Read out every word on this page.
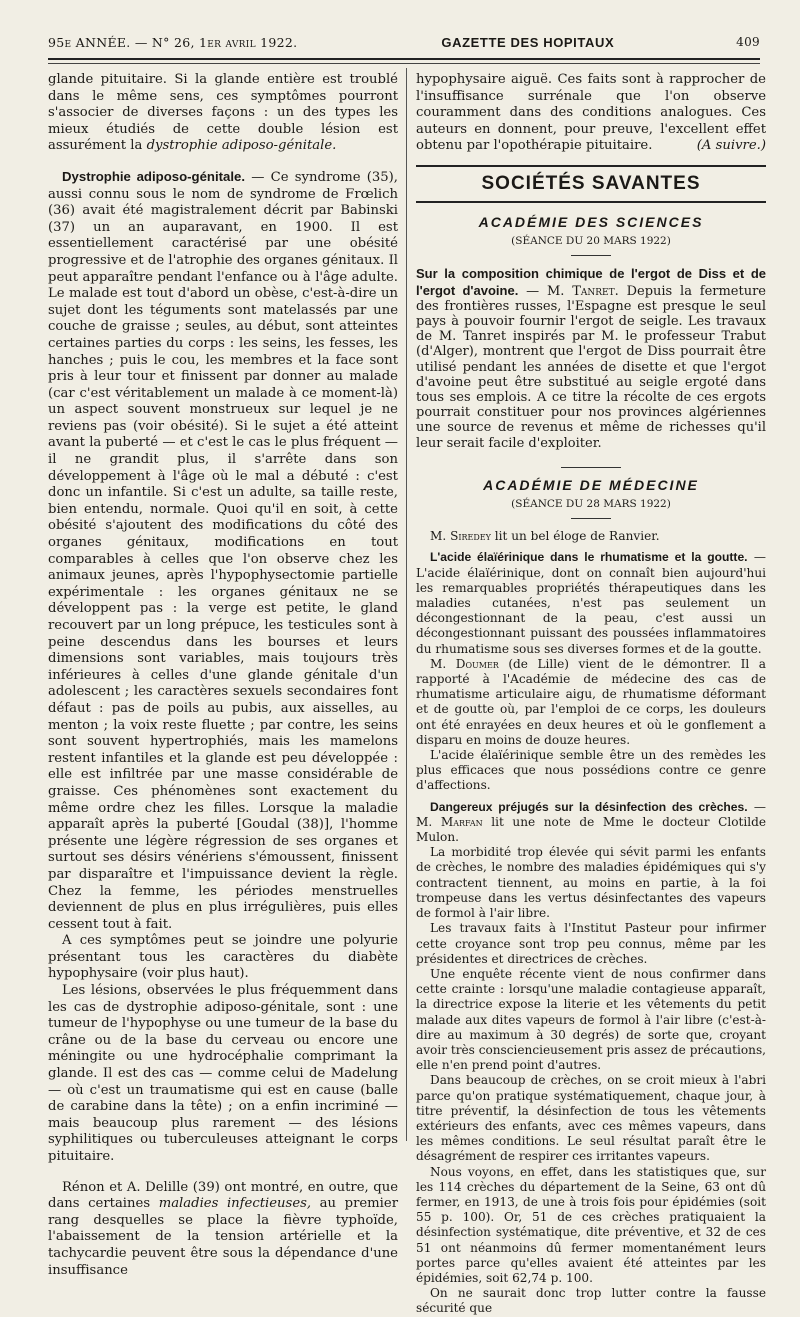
95e ANNÉE. — N° 26, 1er avril 1922.	GAZETTE DES HOPITAUX	409

glande pituitaire. Si la glande entière est troublé dans le même sens, ces symptômes pourront s'associer de diverses façons : un des types les mieux étudiés de cette double lésion est assurément la dystrophie adiposo-génitale.

Dystrophie adiposo-génitale. — Ce syndrome (35), aussi connu sous le nom de syndrome de Frœlich (36) avait été magistralement décrit par Babinski (37) un an auparavant, en 1900. Il est essentiellement caractérisé par une obésité progressive et de l'atrophie des organes génitaux. Il peut apparaître pendant l'enfance ou à l'âge adulte. Le malade est tout d'abord un obèse, c'est-à-dire un sujet dont les téguments sont matelassés par une couche de graisse ; seules, au début, sont atteintes certaines parties du corps : les seins, les fesses, les hanches ; puis le cou, les membres et la face sont pris à leur tour et finissent par donner au malade (car c'est véritablement un malade à ce moment-là) un aspect souvent monstrueux sur lequel je ne reviens pas (voir obésité). Si le sujet a été atteint avant la puberté — et c'est le cas le plus fréquent — il ne grandit plus, il s'arrête dans son développement à l'âge où le mal a débuté : c'est donc un infantile. Si c'est un adulte, sa taille reste, bien entendu, normale. Quoi qu'il en soit, à cette obésité s'ajoutent des modifications du côté des organes génitaux, modifications en tout comparables à celles que l'on observe chez les animaux jeunes, après l'hypophysectomie partielle expérimentale : les organes génitaux ne se développent pas : la verge est petite, le gland recouvert par un long prépuce, les testicules sont à peine descendus dans les bourses et leurs dimensions sont variables, mais toujours très inférieures à celles d'une glande génitale d'un adolescent ; les caractères sexuels secondaires font défaut : pas de poils au pubis, aux aisselles, au menton ; la voix reste fluette ; par contre, les seins sont souvent hypertrophiés, mais les mamelons restent infantiles et la glande est peu développée : elle est infiltrée par une masse considérable de graisse. Ces phénomènes sont exactement du même ordre chez les filles. Lorsque la maladie apparaît après la puberté [Goudal (38)], l'homme présente une légère régression de ses organes et surtout ses désirs vénériens s'émoussent, finissent par disparaître et l'impuissance devient la règle. Chez la femme, les périodes menstruelles deviennent de plus en plus irrégulières, puis elles cessent tout à fait.

A ces symptômes peut se joindre une polyurie présentant tous les caractères du diabète hypophysaire (voir plus haut).

Les lésions, observées le plus fréquemment dans les cas de dystrophie adiposo-génitale, sont : une tumeur de l'hypophyse ou une tumeur de la base du crâne ou de la base du cerveau ou encore une méningite ou une hydrocéphalie comprimant la glande. Il est des cas — comme celui de Madelung — où c'est un traumatisme qui est en cause (balle de carabine dans la tête) ; on a enfin incriminé — mais beaucoup plus rarement — des lésions syphilitiques ou tuberculeuses atteignant le corps pituitaire.

Rénon et A. Delille (39) ont montré, en outre, que dans certaines maladies infectieuses, au premier rang desquelles se place la fièvre typhoïde, l'abaissement de la tension artérielle et la tachycardie peuvent être sous la dépendance d'une insuffisance

hypophysaire aiguë. Ces faits sont à rapprocher de l'insuffisance surrénale que l'on observe couramment dans des conditions analogues. Ces auteurs en donnent, pour preuve, l'excellent effet obtenu par l'opothérapie pituitaire.	(A suivre.)

SOCIÉTÉS SAVANTES
ACADÉMIE DES SCIENCES
(SÉANCE DU 20 MARS 1922)

Sur la composition chimique de l'ergot de Diss et de l'ergot d'avoine. — M. Tanret. Depuis la fermeture des frontières russes, l'Espagne est presque le seul pays à pouvoir fournir l'ergot de seigle. Les travaux de M. Tanret inspirés par M. le professeur Trabut (d'Alger), montrent que l'ergot de Diss pourrait être utilisé pendant les années de disette et que l'ergot d'avoine peut être substitué au seigle ergoté dans tous ses emplois. A ce titre la récolte de ces ergots pourrait constituer pour nos provinces algériennes une source de revenus et même de richesses qu'il leur serait facile d'exploiter.

ACADÉMIE DE MÉDECINE
(SÉANCE DU 28 MARS 1922)

M. Siredey lit un bel éloge de Ranvier.

L'acide élaïérinique dans le rhumatisme et la goutte. — L'acide élaïérinique, dont on connaît bien aujourd'hui les remarquables propriétés thérapeutiques dans les maladies cutanées, n'est pas seulement un décongestionnant de la peau, c'est aussi un décongestionnant puissant des poussées inflammatoires du rhumatisme sous ses diverses formes et de la goutte.

M. Doumer (de Lille) vient de le démontrer. Il a rapporté à l'Académie de médecine des cas de rhumatisme articulaire aigu, de rhumatisme déformant et de goutte où, par l'emploi de ce corps, les douleurs ont été enrayées en deux heures et où le gonflement a disparu en moins de douze heures.

L'acide élaïérinique semble être un des remèdes les plus efficaces que nous possédions contre ce genre d'affections.

Dangereux préjugés sur la désinfection des crèches. — M. Marfan lit une note de Mme le docteur Clotilde Mulon.

La morbidité trop élevée qui sévit parmi les enfants de crèches, le nombre des maladies épidémiques qui s'y contractent tiennent, au moins en partie, à la foi trompeuse dans les vertus désinfectantes des vapeurs de formol à l'air libre.

Les travaux faits à l'Institut Pasteur pour infirmer cette croyance sont trop peu connus, même par les présidentes et directrices de crèches.

Une enquête récente vient de nous confirmer dans cette crainte : lorsqu'une maladie contagieuse apparaît, la directrice expose la literie et les vêtements du petit malade aux dites vapeurs de formol à l'air libre (c'est-à-dire au maximum à 30 degrés) de sorte que, croyant avoir très consciencieusement pris assez de précautions, elle n'en prend point d'autres.

Dans beaucoup de crèches, on se croit mieux à l'abri parce qu'on pratique systématiquement, chaque jour, à titre préventif, la désinfection de tous les vêtements extérieurs des enfants, avec ces mêmes vapeurs, dans les mêmes conditions. Le seul résultat paraît être le désagrément de respirer ces irritantes vapeurs.

Nous voyons, en effet, dans les statistiques que, sur les 114 crèches du département de la Seine, 63 ont dû fermer, en 1913, de une à trois fois pour épidémies (soit 55 p. 100). Or, 51 de ces crèches pratiquaient la désinfection systématique, dite préventive, et 32 de ces 51 ont néanmoins dû fermer momentanément leurs portes parce qu'elles avaient été atteintes par les épidémies, soit 62,74 p. 100.

On ne saurait donc trop lutter contre la fausse sécurité que
